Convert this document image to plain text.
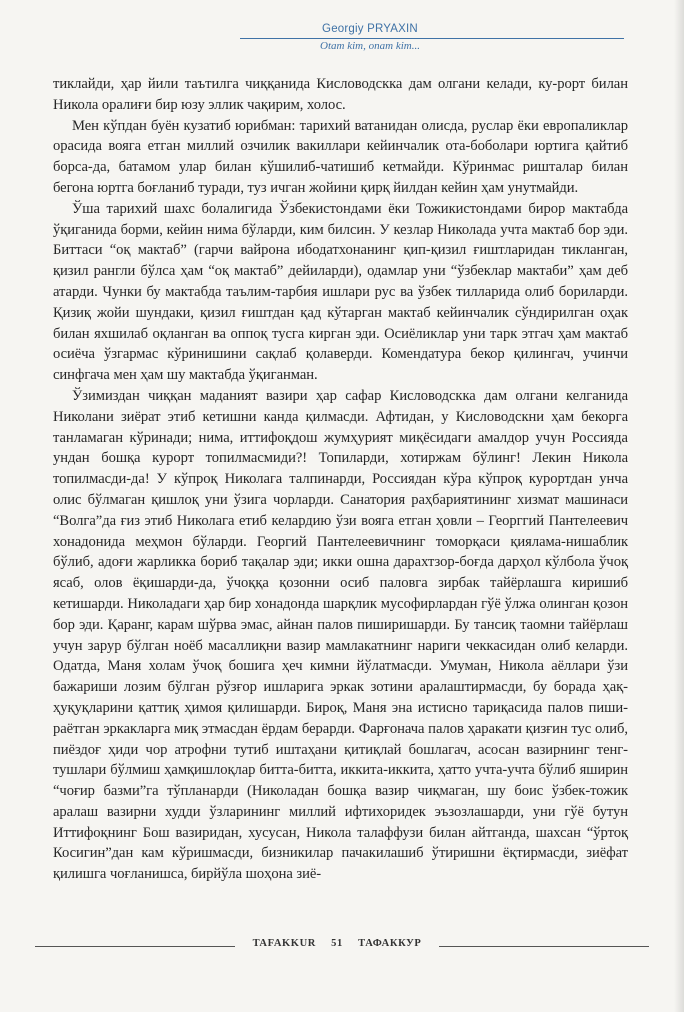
Georgiy PRYAXIN
Otam kim, onam kim...

тиклайди, ҳар йили таътилга чиққанида Кисловодскка дам олгани келади, ку-рорт билан Никола оралиғи бир юзу эллик чақирим, холос.

Мен кўпдан буён кузатиб юрибман: тарихий ватанидан олисда, руслар ёки европаликлар орасида вояга етган миллий озчилик вакиллари кейинчалик ота-боболари юртига қайтиб борса-да, батамом улар билан кўшилиб-чатишиб кетмайди. Кўринмас ришталар билан бегона юртга боғланиб туради, туз ичган жойини қирқ йилдан кейин ҳам унутмайди.

Ўша тарихий шахс болалигида Ўзбекистондами ёки Тожикистондами бирор мактабда ўқиганида борми, кейин нима бўларди, ким билсин. У кезлар Николада учта мактаб бор эди. Биттаси “оқ мактаб” (гарчи вайрона ибодатхонанинг қип-қизил ғиштларидан тикланган, қизил рангли бўлса ҳам “оқ мактаб” дейиларди), одамлар уни “ўзбеклар мактаби” ҳам деб атарди. Чунки бу мактабда таълим-тарбия ишлари рус ва ўзбек тилларида олиб бориларди. Қизиқ жойи шундаки, қизил ғиштдан қад кўтарган мактаб кейинчалик сўндирилган оҳак билан яхшилаб оқланган ва оппоқ тусга кирган эди. Осиёликлар уни тарк этгач ҳам мактаб осиёча ўзгармас кўринишини сақлаб қолаверди. Комендатура бекор қилингач, учинчи синфгача мен ҳам шу мактабда ўқиганман.

Ўзимиздан чиққан маданият вазири ҳар сафар Кисловодскка дам олгани келганида Николани зиёрат этиб кетишни канда қилмасди. Афтидан, у Кисловодскни ҳам бекорга танламаган кўринади; нима, иттифоқдош жумҳурият миқёсидаги амалдор учун Россияда ундан бошқа курорт топилмасмиди?! Топиларди, хотиржам бўлинг! Лекин Никола топилмасди-да! У кўпроқ Николага талпинарди, Россиядан кўра кўпроқ курортдан унча олис бўлмаган қишлоқ уни ўзига чорларди. Санатория раҳбариятининг хизмат машинаси “Волга”да ғиз этиб Николага етиб келардию ўзи вояга етган ҳовли – Георггий Пантелеевич хонадонида меҳмон бўларди. Георгий Пантелеевичнинг томорқаси қиялама-нишаблик бўлиб, адоғи жарликка бориб тақалар эди; икки ошна дарахтзор-боғда дарҳол кўлбола ўчоқ ясаб, олов ёқишарди-да, ўчоққа қозонни осиб паловга зирбак тайёрлашга киришиб кетишарди. Николадаги ҳар бир хонадонда шарқлик мусофирлардан гўё ўлжа олинган қозон бор эди. Қаранг, карам шўрва эмас, айнан палов пиширишарди. Бу тансиқ таомни тайёрлаш учун зарур бўлган ноёб масаллиқни вазир мамлакатнинг нариги чеккасидан олиб келарди. Одатда, Маня холам ўчоқ бошига ҳеч кимни йўлатмасди. Умуман, Никола аёллари ўзи бажариши лозим бўлган рўзғор ишларига эркак зотини аралаштирмасди, бу борада ҳақ-ҳуқуқларини қаттиқ ҳимоя қилишарди. Бироқ, Маня эна истисно тариқасида палов пишираётган эркакларга миқ этмасдан ёрдам берарди. Фарғонача палов ҳаракати қизғин тус олиб, пиёздоғ ҳиди чор атрофни тутиб иштаҳани қитиқлай бошлагач, асосан вазирнинг тенг-тушлари бўлмиш ҳамқишлоқлар битта-битта, иккита-иккита, ҳатто учта-учта бўлиб яширин “чоғир базми”га тўпланарди (Николадан бошқа вазир чиқмаган, шу боис ўзбек-тожик аралаш вазирни худди ўзларининг миллий ифтихоридек эъзозлашарди, уни гўё бутун Иттифоқнинг Бош вазиридан, хусусан, Никола талаффузи билан айтганда, шахсан “ўртоқ Косигин”дан кам кўришмасди, бизникилар пачакилашиб ўтиришни ёқтирмасди, зиёфат қилишга чоғланишса, бирйўла шоҳона зиё-

TAFAKKUR 51 ТАФАККУР
